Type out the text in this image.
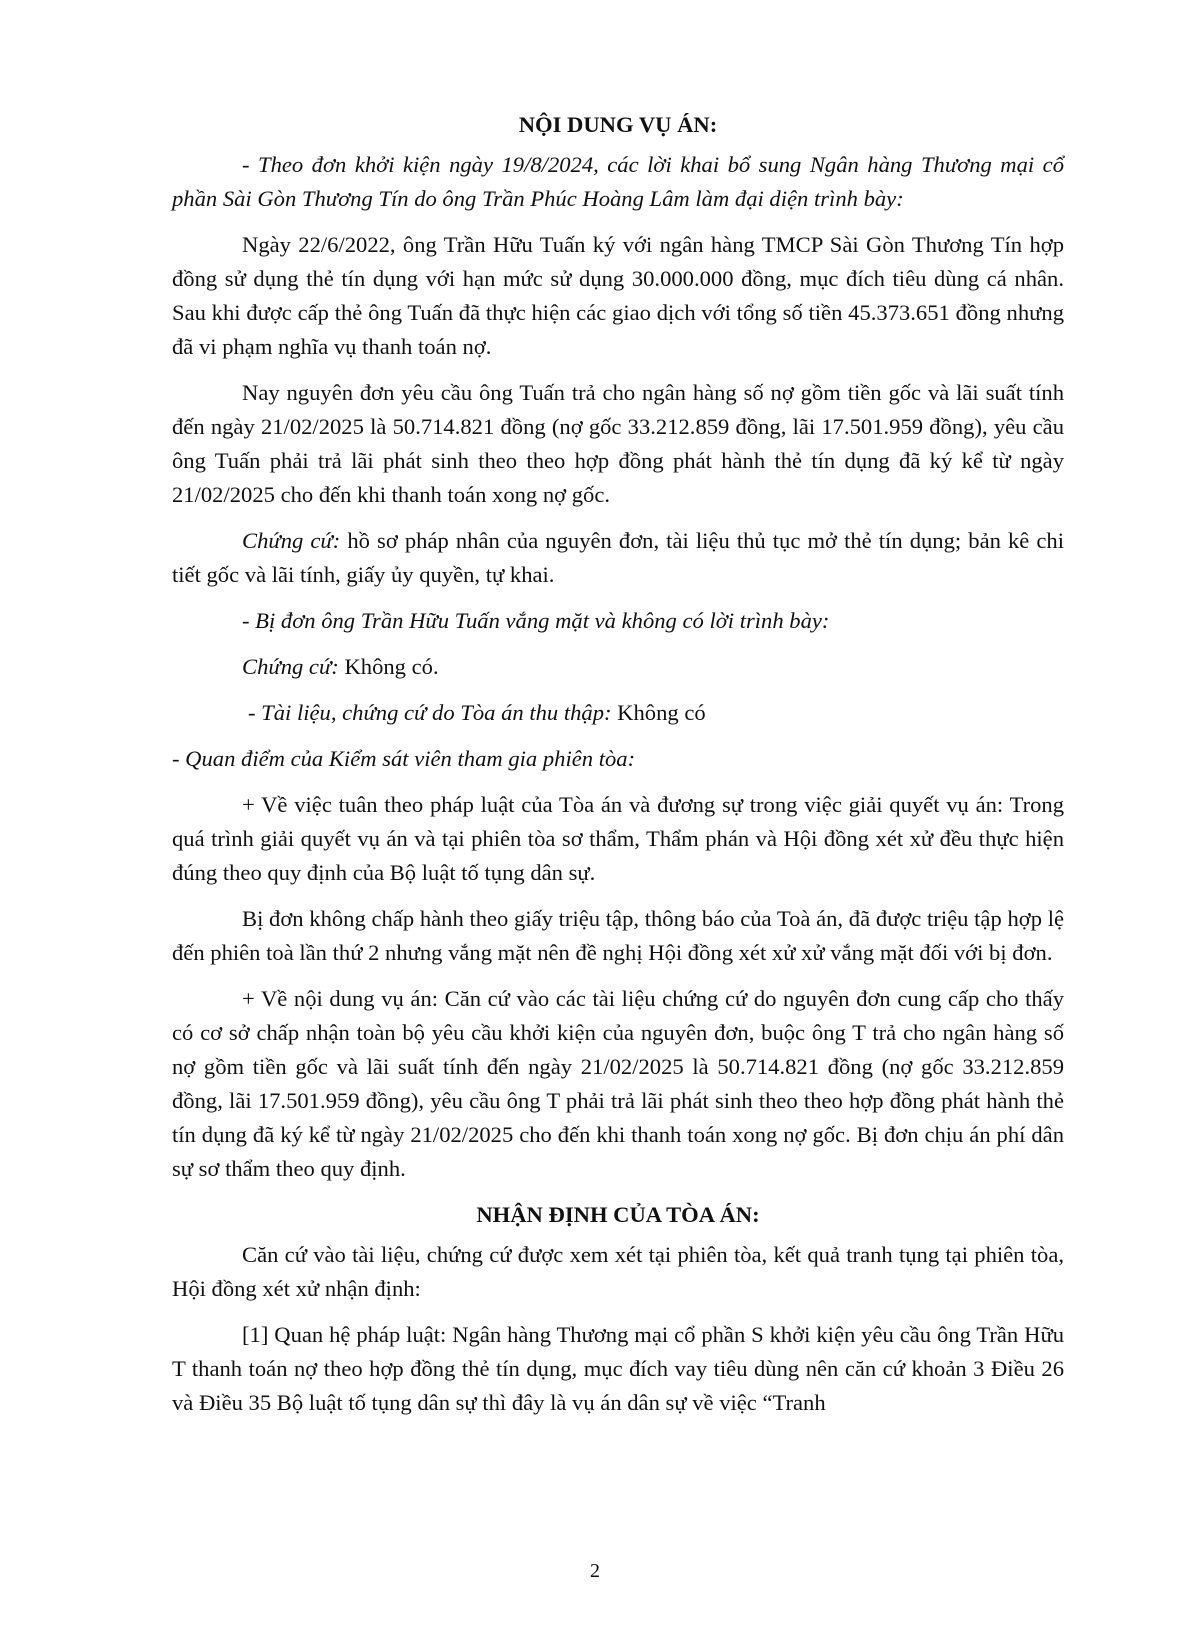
NỘI DUNG VỤ ÁN:

- Theo đơn khởi kiện ngày 19/8/2024, các lời khai bổ sung Ngân hàng Thương mại cổ phần Sài Gòn Thương Tín do ông Trần Phúc Hoàng Lâm làm đại diện trình bày:

Ngày 22/6/2022, ông Trần Hữu Tuấn ký với ngân hàng TMCP Sài Gòn Thương Tín hợp đồng sử dụng thẻ tín dụng với hạn mức sử dụng 30.000.000 đồng, mục đích tiêu dùng cá nhân. Sau khi được cấp thẻ ông Tuấn đã thực hiện các giao dịch với tổng số tiền 45.373.651 đồng nhưng đã vi phạm nghĩa vụ thanh toán nợ.

Nay nguyên đơn yêu cầu ông Tuấn trả cho ngân hàng số nợ gồm tiền gốc và lãi suất tính đến ngày 21/02/2025 là 50.714.821 đồng (nợ gốc 33.212.859 đồng, lãi 17.501.959 đồng), yêu cầu ông Tuấn phải trả lãi phát sinh theo theo hợp đồng phát hành thẻ tín dụng đã ký kể từ ngày 21/02/2025 cho đến khi thanh toán xong nợ gốc.

Chứng cứ: hồ sơ pháp nhân của nguyên đơn, tài liệu thủ tục mở thẻ tín dụng; bản kê chi tiết gốc và lãi tính, giấy ủy quyền, tự khai.

- Bị đơn ông Trần Hữu Tuấn vắng mặt và không có lời trình bày:

Chứng cứ: Không có.

- Tài liệu, chứng cứ do Tòa án thu thập: Không có

- Quan điểm của Kiểm sát viên tham gia phiên tòa:

+ Về việc tuân theo pháp luật của Tòa án và đương sự trong việc giải quyết vụ án: Trong quá trình giải quyết vụ án và tại phiên tòa sơ thẩm, Thẩm phán và Hội đồng xét xử đều thực hiện đúng theo quy định của Bộ luật tố tụng dân sự.

Bị đơn không chấp hành theo giấy triệu tập, thông báo của Toà án, đã được triệu tập hợp lệ đến phiên toà lần thứ 2 nhưng vắng mặt nên đề nghị Hội đồng xét xử xử vắng mặt đối với bị đơn.

+ Về nội dung vụ án: Căn cứ vào các tài liệu chứng cứ do nguyên đơn cung cấp cho thấy có cơ sở chấp nhận toàn bộ yêu cầu khởi kiện của nguyên đơn, buộc ông T trả cho ngân hàng số nợ gồm tiền gốc và lãi suất tính đến ngày 21/02/2025 là 50.714.821 đồng (nợ gốc 33.212.859 đồng, lãi 17.501.959 đồng), yêu cầu ông T phải trả lãi phát sinh theo theo hợp đồng phát hành thẻ tín dụng đã ký kể từ ngày 21/02/2025 cho đến khi thanh toán xong nợ gốc. Bị đơn chịu án phí dân sự sơ thẩm theo quy định.

NHẬN ĐỊNH CỦA TÒA ÁN:

Căn cứ vào tài liệu, chứng cứ được xem xét tại phiên tòa, kết quả tranh tụng tại phiên tòa, Hội đồng xét xử nhận định:

[1] Quan hệ pháp luật: Ngân hàng Thương mại cổ phần S khởi kiện yêu cầu ông Trần Hữu T thanh toán nợ theo hợp đồng thẻ tín dụng, mục đích vay tiêu dùng nên căn cứ khoản 3 Điều 26 và Điều 35 Bộ luật tố tụng dân sự thì đây là vụ án dân sự về việc “Tranh

2
